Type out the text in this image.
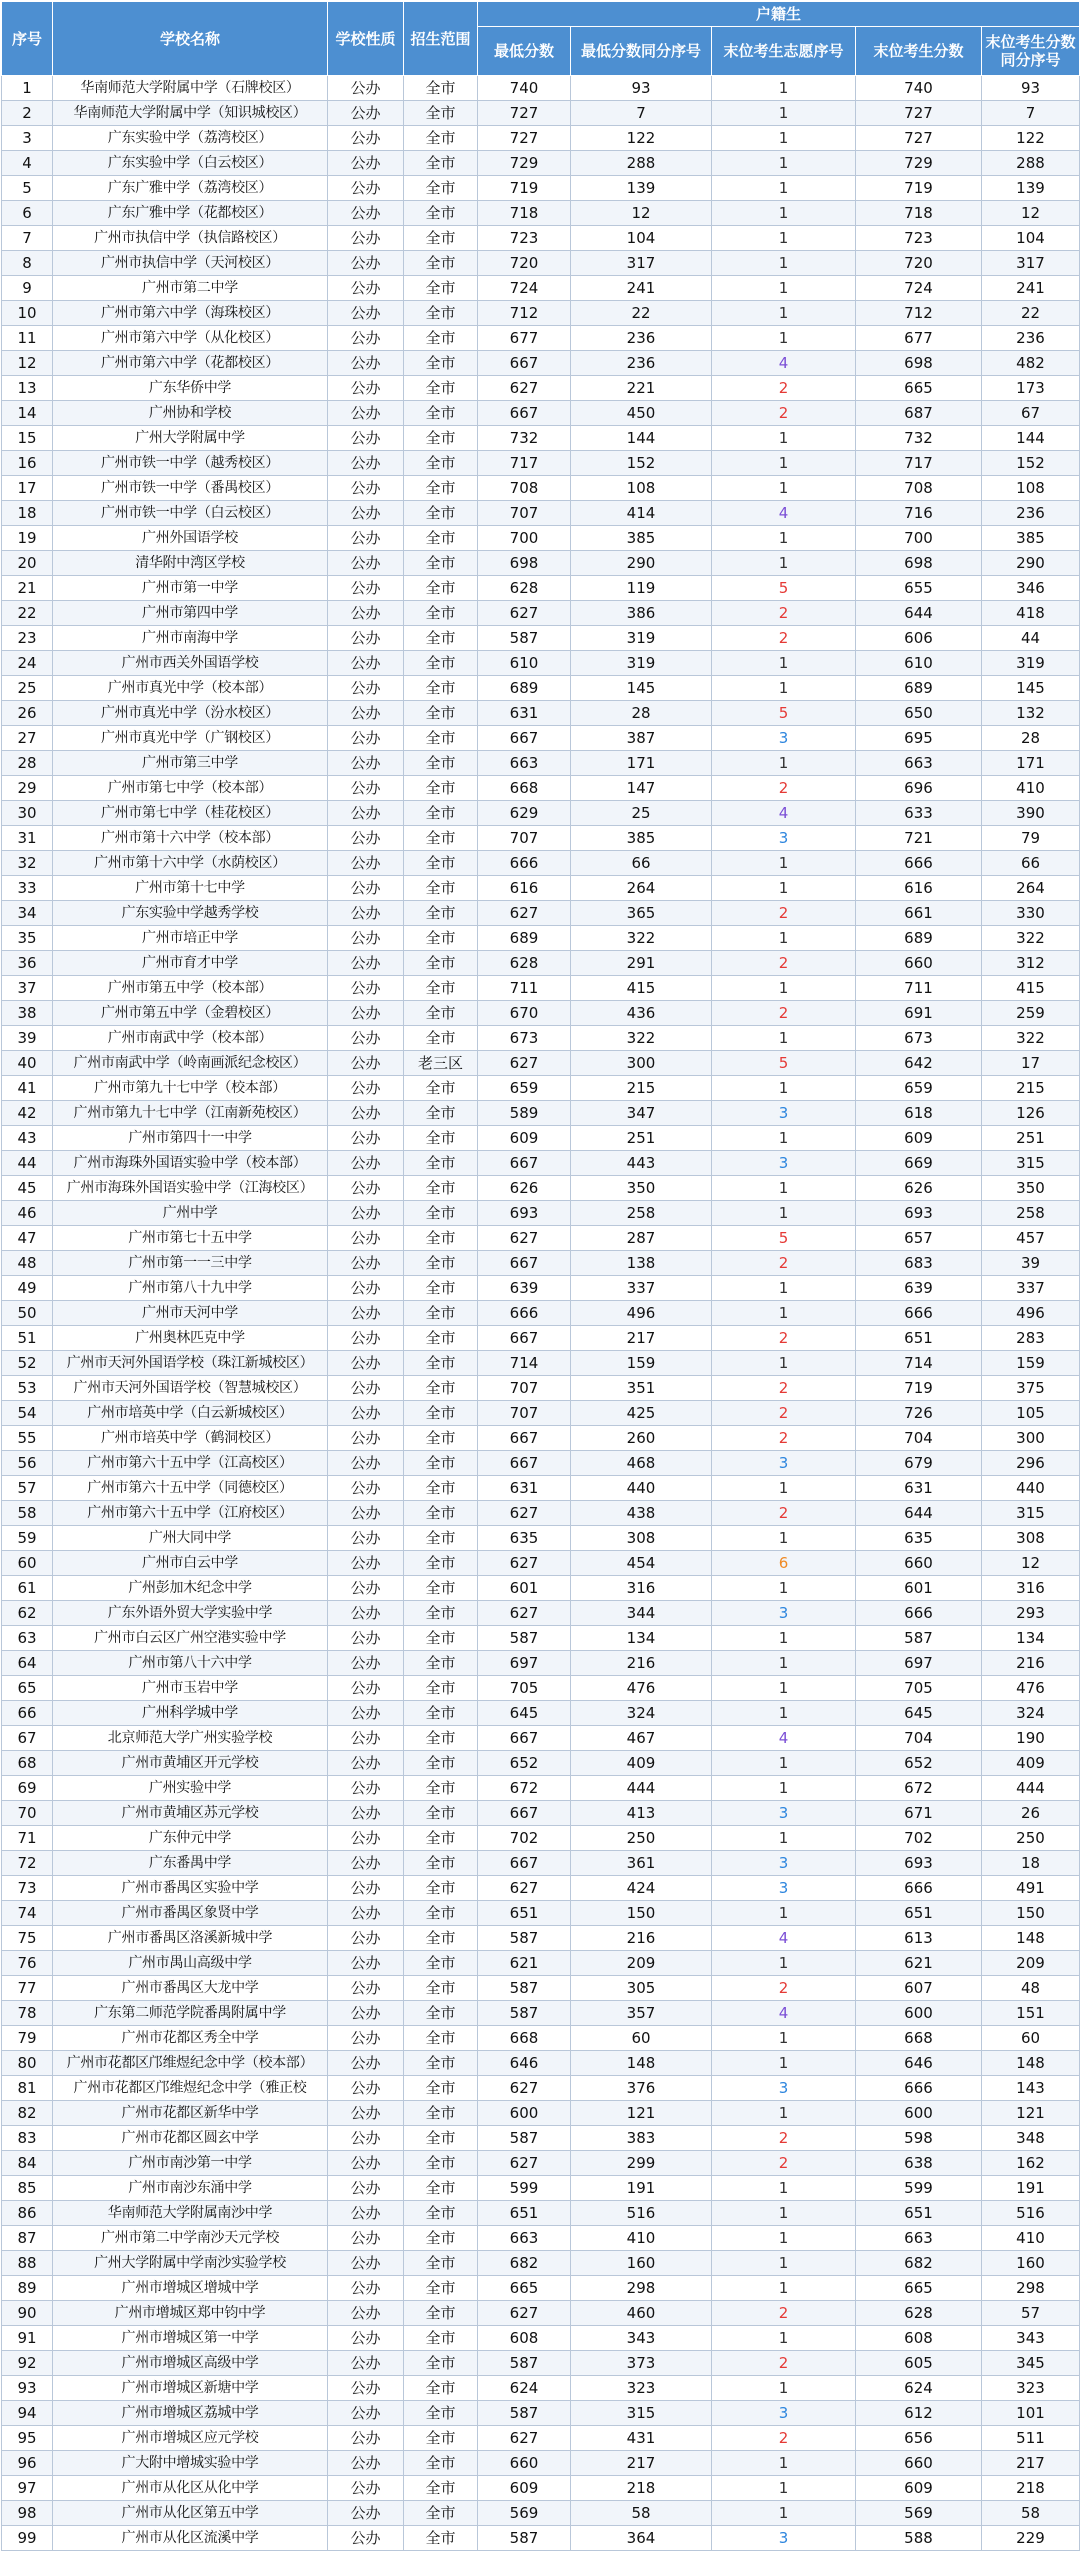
序号	学校名称	学校性质	招生范围	户籍生				
				最低分数	最低分数同分序号	末位考生志愿序号	末位考生分数	末位考生分数同分序号
1	华南师范大学附属中学（石牌校区）	公办	全市	740	93	1	740	93
2	华南师范大学附属中学（知识城校区）	公办	全市	727	7	1	727	7
3	广东实验中学（荔湾校区）	公办	全市	727	122	1	727	122
4	广东实验中学（白云校区）	公办	全市	729	288	1	729	288
5	广东广雅中学（荔湾校区）	公办	全市	719	139	1	719	139
6	广东广雅中学（花都校区）	公办	全市	718	12	1	718	12
7	广州市执信中学（执信路校区）	公办	全市	723	104	1	723	104
8	广州市执信中学（天河校区）	公办	全市	720	317	1	720	317
9	广州市第二中学	公办	全市	724	241	1	724	241
10	广州市第六中学（海珠校区）	公办	全市	712	22	1	712	22
11	广州市第六中学（从化校区）	公办	全市	677	236	1	677	236
12	广州市第六中学（花都校区）	公办	全市	667	236	4	698	482
13	广东华侨中学	公办	全市	627	221	2	665	173
14	广州协和学校	公办	全市	667	450	2	687	67
15	广州大学附属中学	公办	全市	732	144	1	732	144
16	广州市铁一中学（越秀校区）	公办	全市	717	152	1	717	152
17	广州市铁一中学（番禺校区）	公办	全市	708	108	1	708	108
18	广州市铁一中学（白云校区）	公办	全市	707	414	4	716	236
19	广州外国语学校	公办	全市	700	385	1	700	385
20	清华附中湾区学校	公办	全市	698	290	1	698	290
21	广州市第一中学	公办	全市	628	119	5	655	346
22	广州市第四中学	公办	全市	627	386	2	644	418
23	广州市南海中学	公办	全市	587	319	2	606	44
24	广州市西关外国语学校	公办	全市	610	319	1	610	319
25	广州市真光中学（校本部）	公办	全市	689	145	1	689	145
26	广州市真光中学（汾水校区）	公办	全市	631	28	5	650	132
27	广州市真光中学（广钢校区）	公办	全市	667	387	3	695	28
28	广州市第三中学	公办	全市	663	171	1	663	171
29	广州市第七中学（校本部）	公办	全市	668	147	2	696	410
30	广州市第七中学（桂花校区）	公办	全市	629	25	4	633	390
31	广州市第十六中学（校本部）	公办	全市	707	385	3	721	79
32	广州市第十六中学（水荫校区）	公办	全市	666	66	1	666	66
33	广州市第十七中学	公办	全市	616	264	1	616	264
34	广东实验中学越秀学校	公办	全市	627	365	2	661	330
35	广州市培正中学	公办	全市	689	322	1	689	322
36	广州市育才中学	公办	全市	628	291	2	660	312
37	广州市第五中学（校本部）	公办	全市	711	415	1	711	415
38	广州市第五中学（金碧校区）	公办	全市	670	436	2	691	259
39	广州市南武中学（校本部）	公办	全市	673	322	1	673	322
40	广州市南武中学（岭南画派纪念校区）	公办	老三区	627	300	5	642	17
41	广州市第九十七中学（校本部）	公办	全市	659	215	1	659	215
42	广州市第九十七中学（江南新苑校区）	公办	全市	589	347	3	618	126
43	广州市第四十一中学	公办	全市	609	251	1	609	251
44	广州市海珠外国语实验中学（校本部）	公办	全市	667	443	3	669	315
45	广州市海珠外国语实验中学（江海校区）	公办	全市	626	350	1	626	350
46	广州中学	公办	全市	693	258	1	693	258
47	广州市第七十五中学	公办	全市	627	287	5	657	457
48	广州市第一一三中学	公办	全市	667	138	2	683	39
49	广州市第八十九中学	公办	全市	639	337	1	639	337
50	广州市天河中学	公办	全市	666	496	1	666	496
51	广州奥林匹克中学	公办	全市	667	217	2	651	283
52	广州市天河外国语学校（珠江新城校区）	公办	全市	714	159	1	714	159
53	广州市天河外国语学校（智慧城校区）	公办	全市	707	351	2	719	375
54	广州市培英中学（白云新城校区）	公办	全市	707	425	2	726	105
55	广州市培英中学（鹤洞校区）	公办	全市	667	260	2	704	300
56	广州市第六十五中学（江高校区）	公办	全市	667	468	3	679	296
57	广州市第六十五中学（同德校区）	公办	全市	631	440	1	631	440
58	广州市第六十五中学（江府校区）	公办	全市	627	438	2	644	315
59	广州大同中学	公办	全市	635	308	1	635	308
60	广州市白云中学	公办	全市	627	454	6	660	12
61	广州彭加木纪念中学	公办	全市	601	316	1	601	316
62	广东外语外贸大学实验中学	公办	全市	627	344	3	666	293
63	广州市白云区广州空港实验中学	公办	全市	587	134	1	587	134
64	广州市第八十六中学	公办	全市	697	216	1	697	216
65	广州市玉岩中学	公办	全市	705	476	1	705	476
66	广州科学城中学	公办	全市	645	324	1	645	324
67	北京师范大学广州实验学校	公办	全市	667	467	4	704	190
68	广州市黄埔区开元学校	公办	全市	652	409	1	652	409
69	广州实验中学	公办	全市	672	444	1	672	444
70	广州市黄埔区苏元学校	公办	全市	667	413	3	671	26
71	广东仲元中学	公办	全市	702	250	1	702	250
72	广东番禺中学	公办	全市	667	361	3	693	18
73	广州市番禺区实验中学	公办	全市	627	424	3	666	491
74	广州市番禺区象贤中学	公办	全市	651	150	1	651	150
75	广州市番禺区洛溪新城中学	公办	全市	587	216	4	613	148
76	广州市禺山高级中学	公办	全市	621	209	1	621	209
77	广州市番禺区大龙中学	公办	全市	587	305	2	607	48
78	广东第二师范学院番禺附属中学	公办	全市	587	357	4	600	151
79	广州市花都区秀全中学	公办	全市	668	60	1	668	60
80	广州市花都区邝维煜纪念中学（校本部）	公办	全市	646	148	1	646	148
81	广州市花都区邝维煜纪念中学（雅正校	公办	全市	627	376	3	666	143
82	广州市花都区新华中学	公办	全市	600	121	1	600	121
83	广州市花都区圆玄中学	公办	全市	587	383	2	598	348
84	广州市南沙第一中学	公办	全市	627	299	2	638	162
85	广州市南沙东涌中学	公办	全市	599	191	1	599	191
86	华南师范大学附属南沙中学	公办	全市	651	516	1	651	516
87	广州市第二中学南沙天元学校	公办	全市	663	410	1	663	410
88	广州大学附属中学南沙实验学校	公办	全市	682	160	1	682	160
89	广州市增城区增城中学	公办	全市	665	298	1	665	298
90	广州市增城区郑中钧中学	公办	全市	627	460	2	628	57
91	广州市增城区第一中学	公办	全市	608	343	1	608	343
92	广州市增城区高级中学	公办	全市	587	373	2	605	345
93	广州市增城区新塘中学	公办	全市	624	323	1	624	323
94	广州市增城区荔城中学	公办	全市	587	315	3	612	101
95	广州市增城区应元学校	公办	全市	627	431	2	656	511
96	广大附中增城实验中学	公办	全市	660	217	1	660	217
97	广州市从化区从化中学	公办	全市	609	218	1	609	218
98	广州市从化区第五中学	公办	全市	569	58	1	569	58
99	广州市从化区流溪中学	公办	全市	587	364	3	588	229
